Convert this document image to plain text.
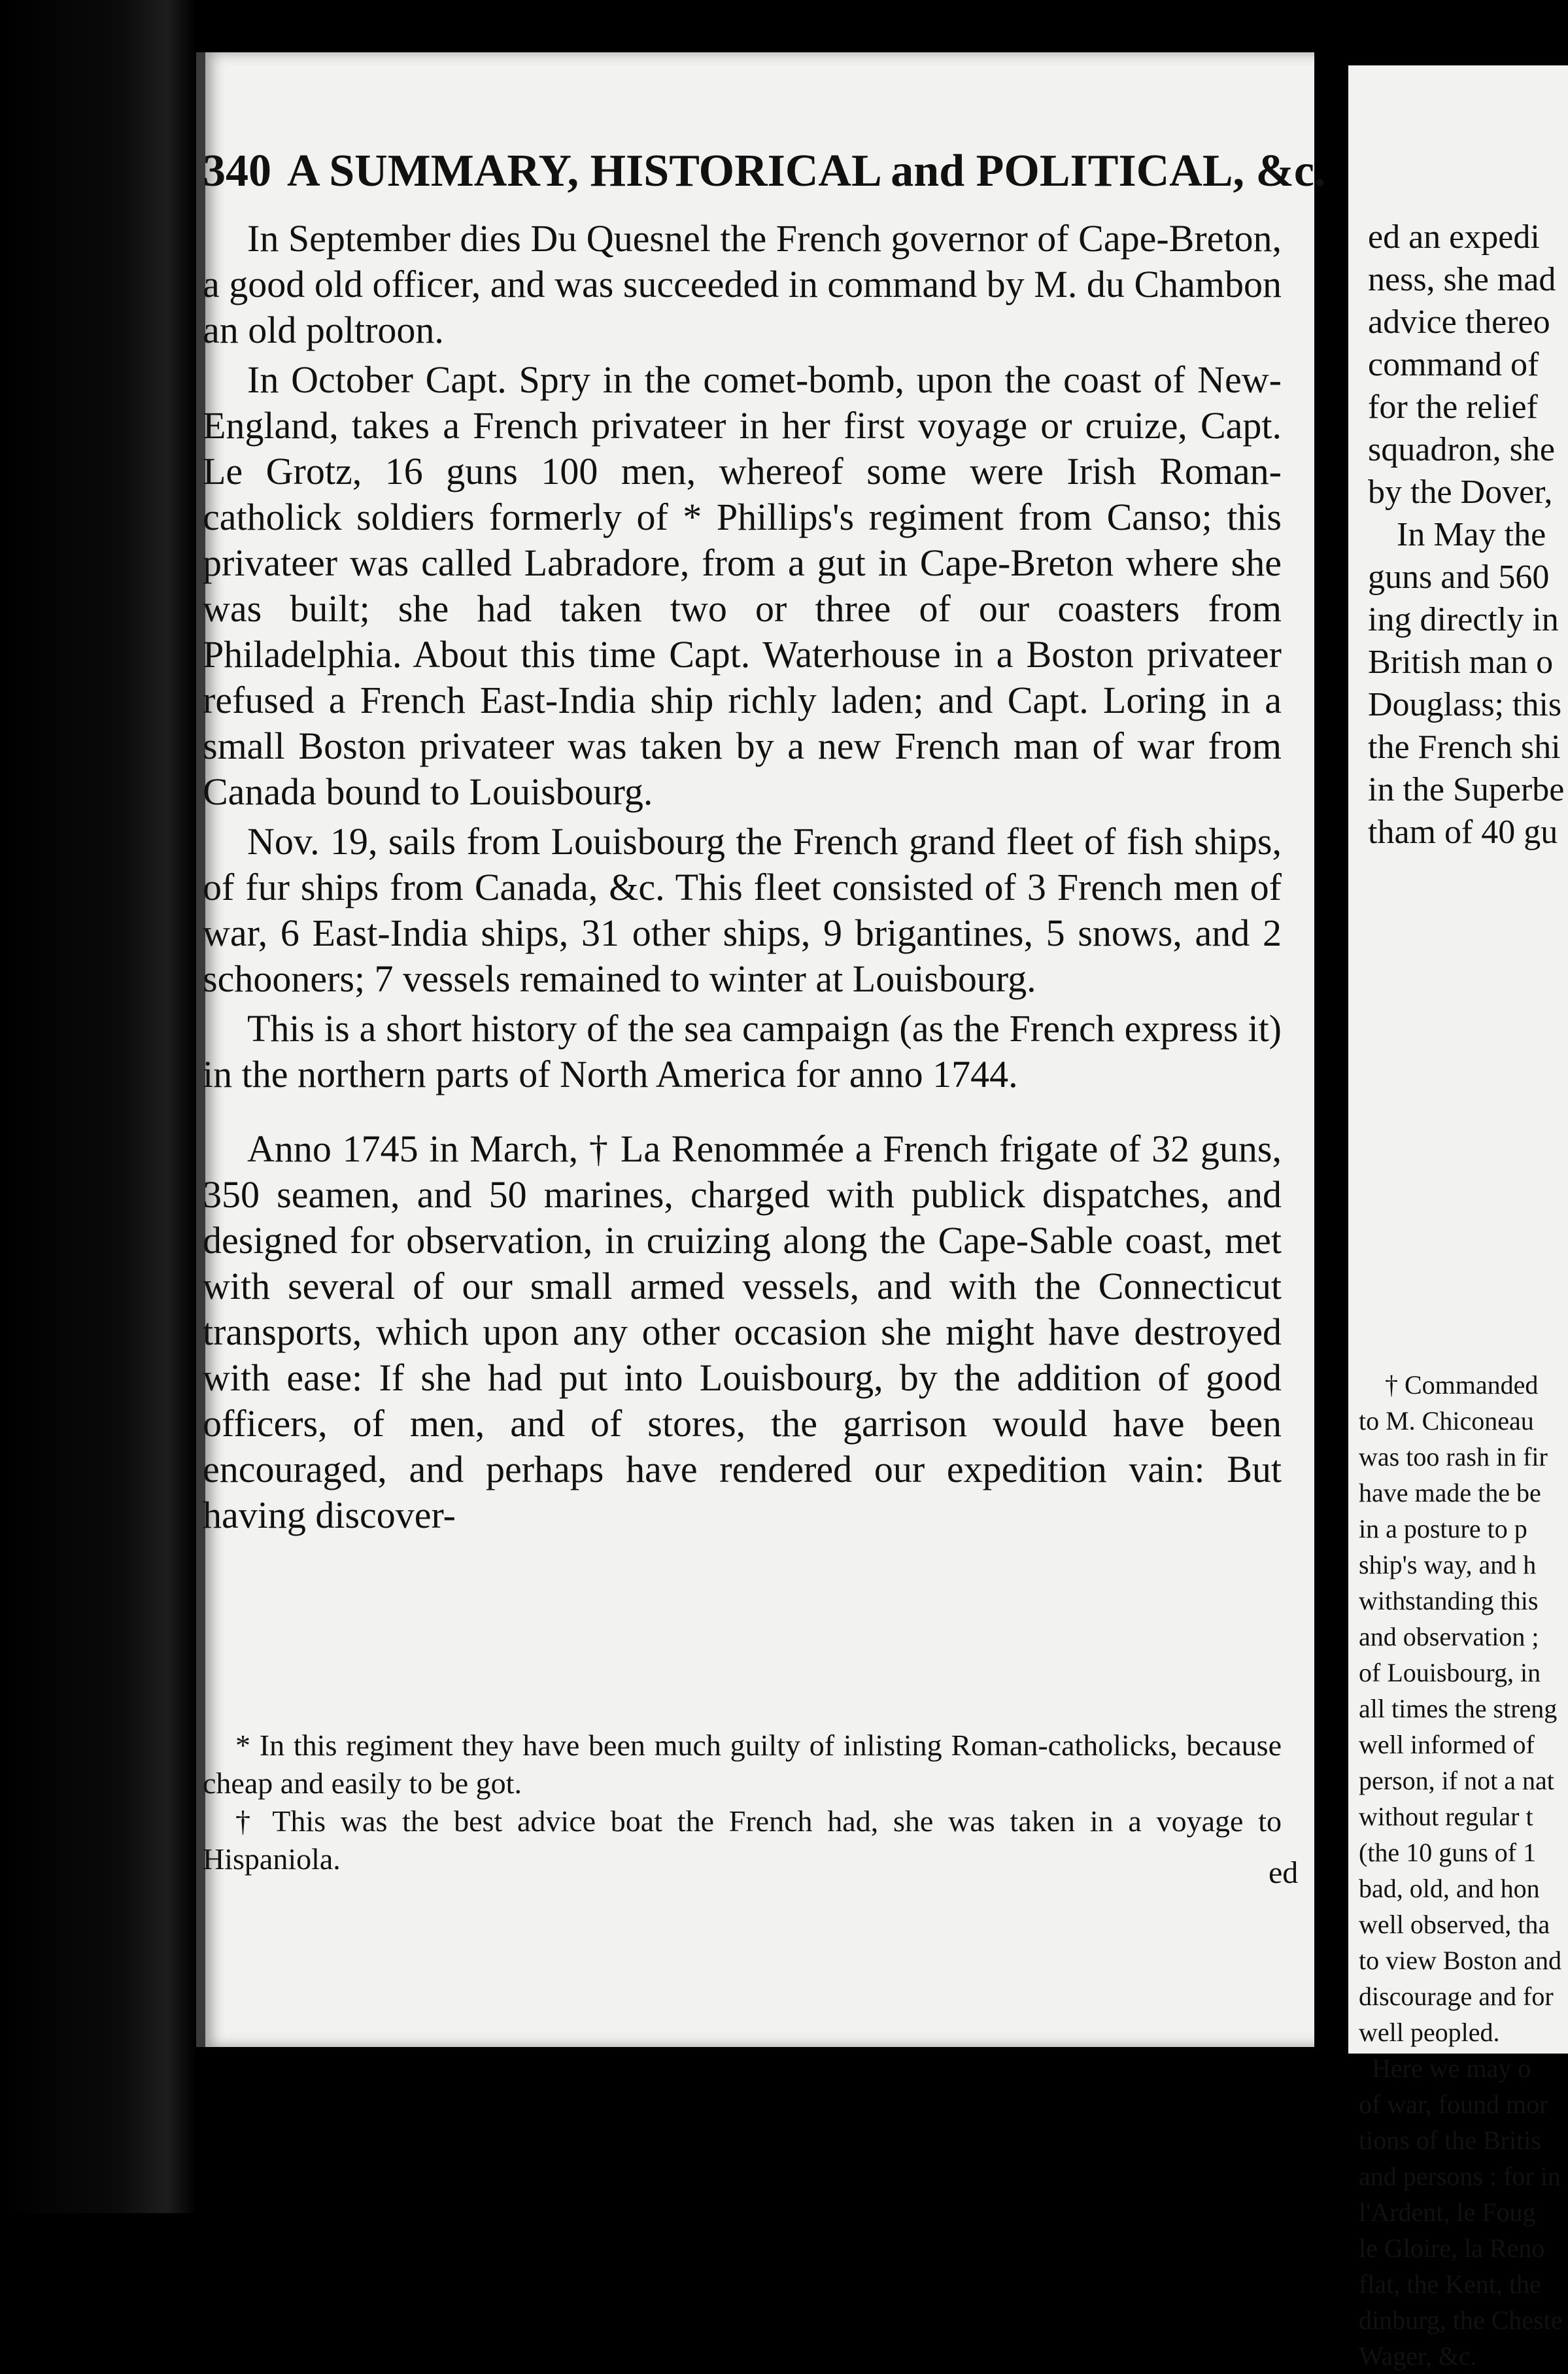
340 A SUMMARY, HISTORICAL and POLITICAL, &c.

In September dies Du Quesnel the French governor of Cape-Breton, a good old officer, and was succeeded in command by M. du Chambon an old poltroon.

In October Capt. Spry in the comet-bomb, upon the coast of New-England, takes a French privateer in her first voyage or cruize, Capt. Le Grotz, 16 guns 100 men, whereof some were Irish Roman-catholick soldiers formerly of * Phillips's regiment from Canso; this privateer was called Labradore, from a gut in Cape-Breton where she was built; she had taken two or three of our coasters from Philadelphia. About this time Capt. Waterhouse in a Boston privateer refused a French East-India ship richly laden; and Capt. Loring in a small Boston privateer was taken by a new French man of war from Canada bound to Louisbourg.

Nov. 19, sails from Louisbourg the French grand fleet of fish ships, of fur ships from Canada, &c. This fleet consisted of 3 French men of war, 6 East-India ships, 31 other ships, 9 brigantines, 5 snows, and 2 schooners; 7 vessels remained to winter at Louisbourg.

This is a short history of the sea campaign (as the French express it) in the northern parts of North America for anno 1744.

Anno 1745 in March, † La Renommée a French frigate of 32 guns, 350 seamen, and 50 marines, charged with publick dispatches, and designed for observation, in cruizing along the Cape-Sable coast, met with several of our small armed vessels, and with the Connecticut transports, which upon any other occasion she might have destroyed with ease: If she had put into Louisbourg, by the addition of good officers, of men, and of stores, the garrison would have been encouraged, and perhaps have rendered our expedition vain: But having discover-

* In this regiment they have been much guilty of inlisting Roman-catholicks, because cheap and easily to be got.

† This was the best advice boat the French had, she was taken in a voyage to Hispaniola.	ed
ed an expedi
ness, she mad
advice thereo
command of
for the relief
squadron, she
by the Dover,
In May the
guns and 560
ing directly in
British man o
Douglass; this
the French shi
in the Superbe
tham of 40 gu
† Commanded
to M. Chiconeau
was too rash in fir
have made the be
in a posture to p
ship's way, and h
withstanding this
and observation ;
of Louisbourg, in
all times the streng
well informed of
person, if not a nat
without regular t
(the 10 guns of 1
bad, old, and hon
well observed, tha
to view Boston and
discourage and for
well peopled.
Here we may o
of war, found mor
tions of the Britis
and persons : for in
l'Ardent, le Foug
le Gloire, la Reno
flat, the Kent, the
dinburg, the Cheste
Wager, &c.
